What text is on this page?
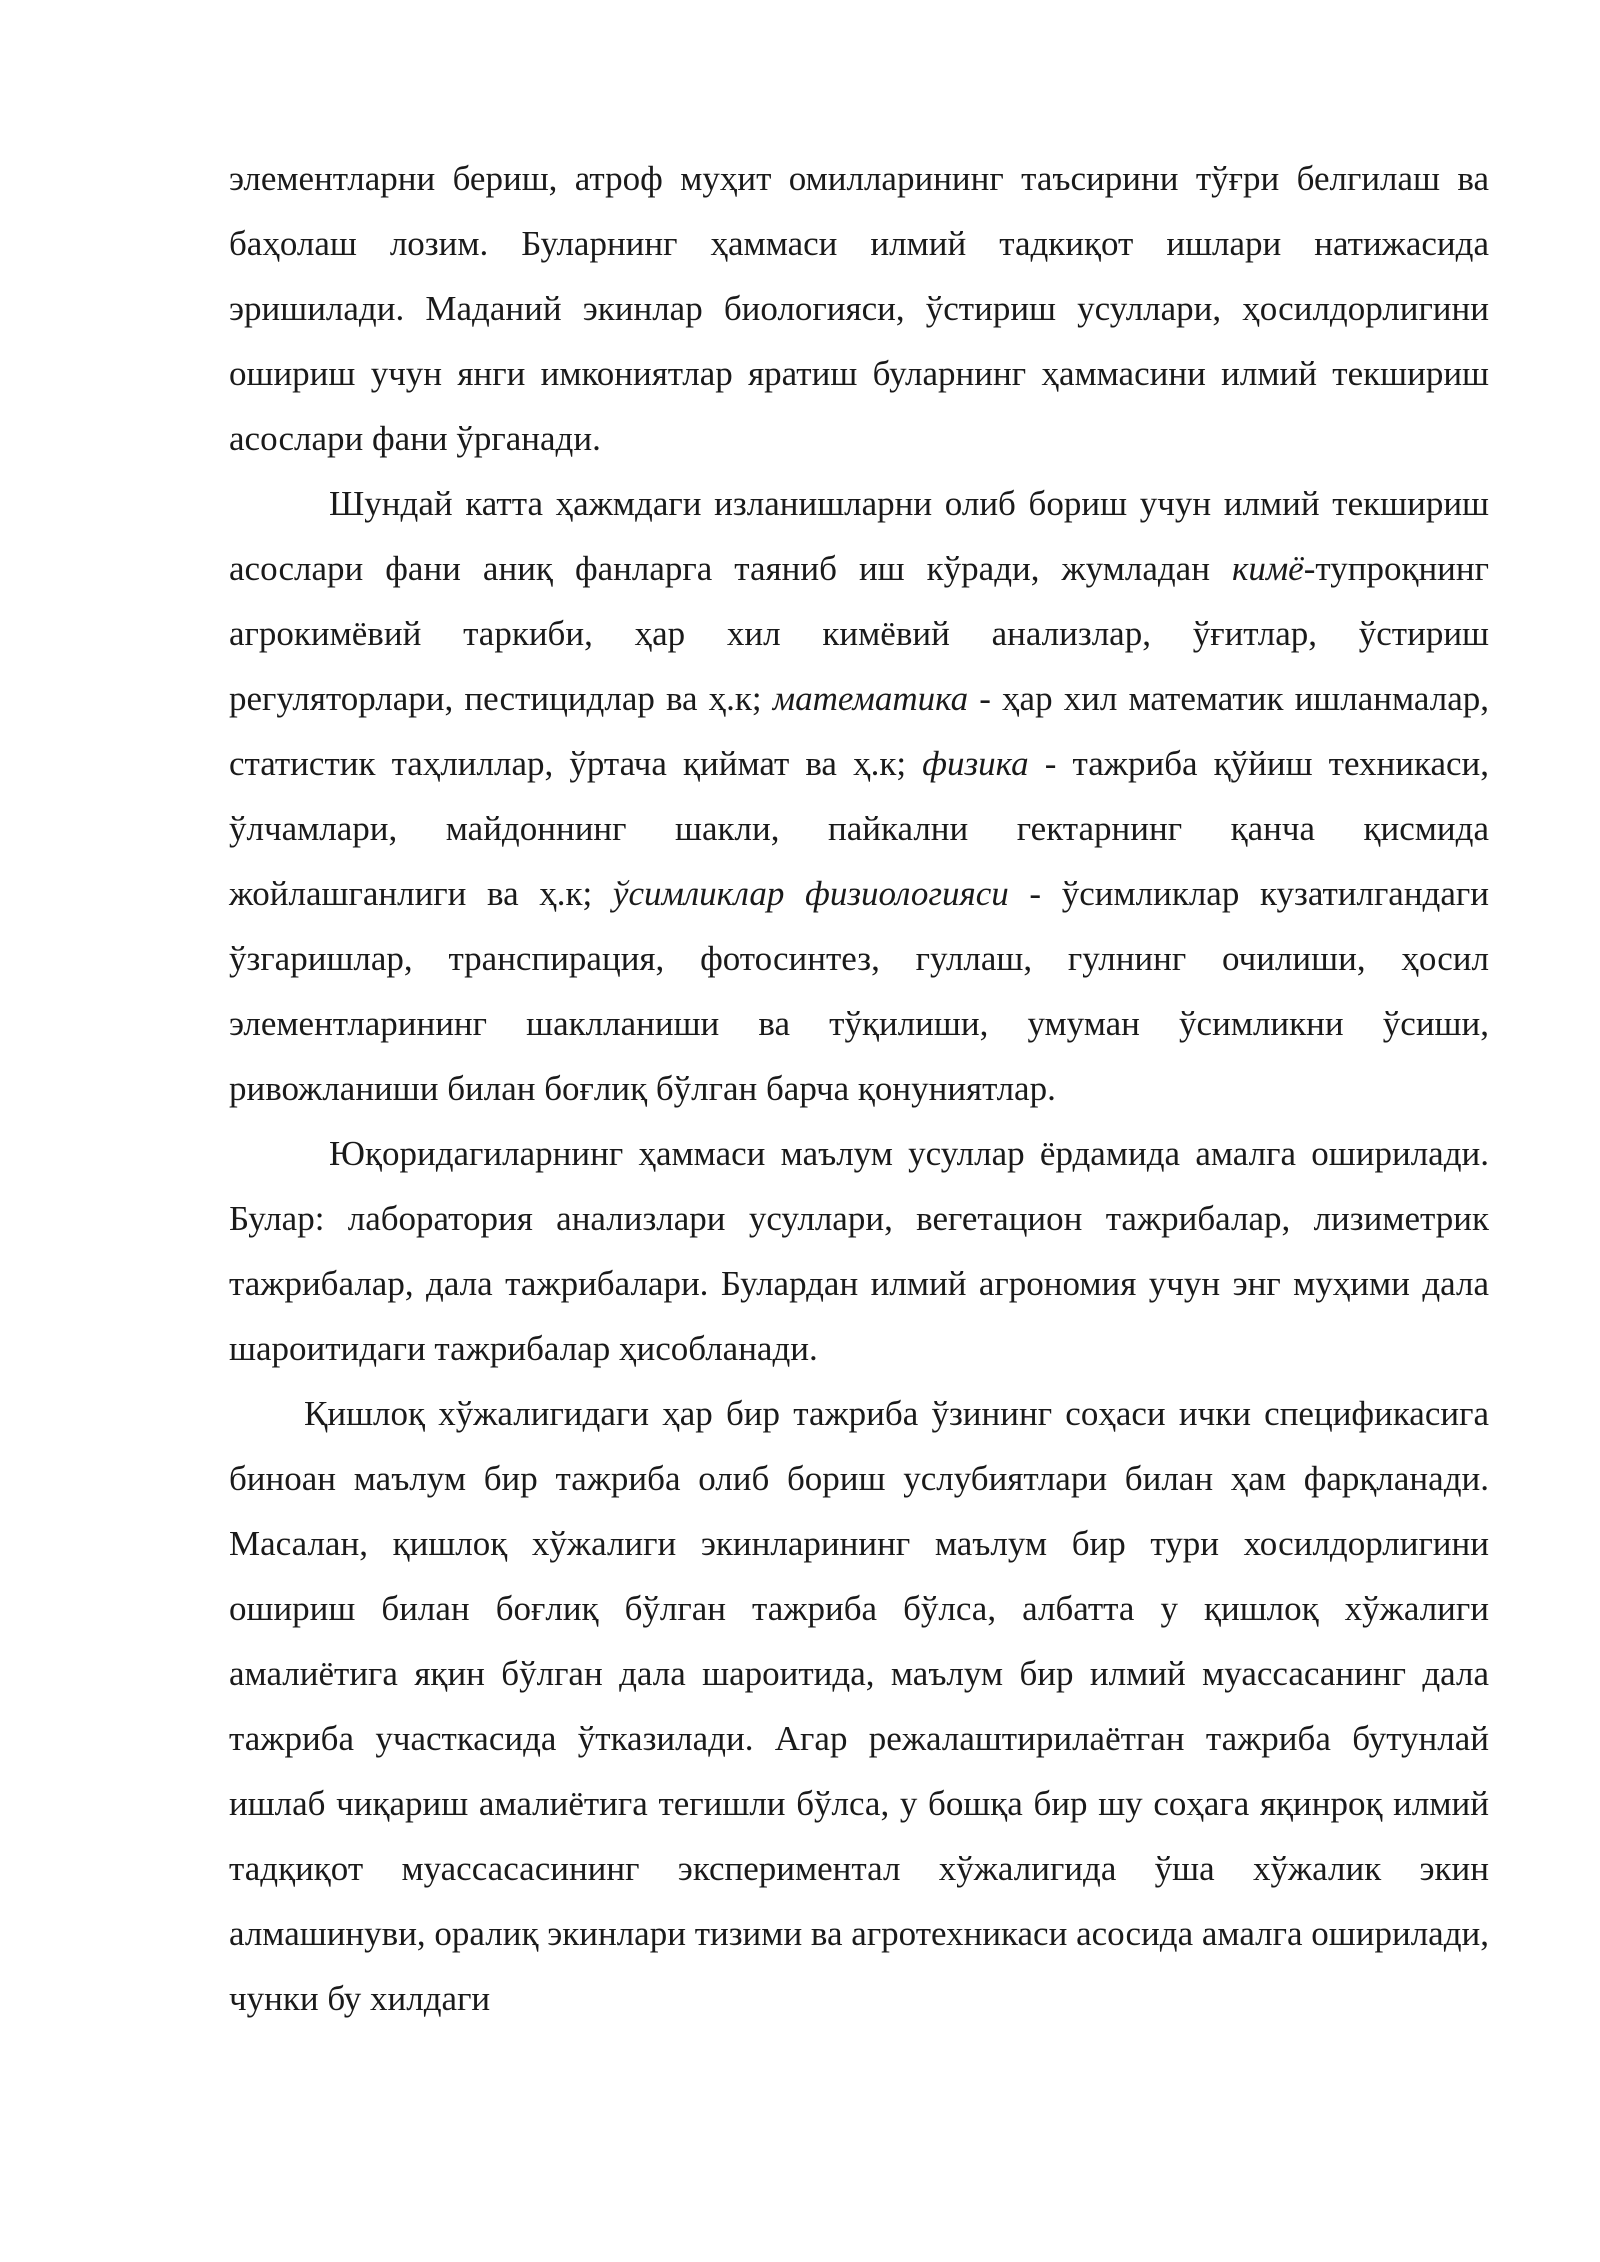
элементларни бериш, атроф муҳит омилларининг таъсирини тўғри белгилаш ва баҳолаш лозим. Буларнинг ҳаммаси илмий тадкиқот ишлари натижасида эришилади. Маданий экинлар биологияси, ўстириш усуллари, ҳосилдорлигини ошириш учун янги имкониятлар яратиш буларнинг ҳаммасини илмий текшириш асослари фани ўрганади.

Шундай катта ҳажмдаги изланишларни олиб бориш учун илмий текшириш асослари фани аниқ фанларга таяниб иш кўради, жумладан кимё-тупроқнинг агрокимёвий таркиби, ҳар хил кимёвий анализлар, ўғитлар, ўстириш регуляторлари, пестицидлар ва ҳ.к; математика - ҳар хил математик ишланмалар, статистик таҳлиллар, ўртача қиймат ва ҳ.к; физика - тажриба қўйиш техникаси, ўлчамлари, майдоннинг шакли, пайкални гектарнинг қанча қисмида жойлашганлиги ва ҳ.к; ўсимликлар физиологияси - ўсимликлар кузатилгандаги ўзгаришлар, транспирация, фотосинтез, гуллаш, гулнинг очилиши, ҳосил элементларининг шаклланиши ва тўқилиши, умуман ўсимликни ўсиши, ривожланиши билан боғлиқ бўлган барча қонуниятлар.

Юқоридагиларнинг ҳаммаси маълум усуллар ёрдамида амалга оширилади. Булар: лаборатория анализлари усуллари, вегетацион тажрибалар, лизиметрик тажрибалар, дала тажрибалари. Булардан илмий агрономия учун энг муҳими дала шароитидаги тажрибалар ҳисобланади.

Қишлоқ хўжалигидаги ҳар бир тажриба ўзининг соҳаси ички спецификасига биноан маълум бир тажриба олиб бориш услубиятлари билан ҳам фарқланади. Масалан, қишлоқ хўжалиги экинларининг маълум бир тури хосилдорлигини ошириш билан боғлиқ бўлган тажриба бўлса, албатта у қишлоқ хўжалиги амалиётига яқин бўлган дала шароитида, маълум бир илмий муассасанинг дала тажриба участкасида ўтказилади. Агар режалаштирилаётган тажриба бутунлай ишлаб чиқариш амалиётига тегишли бўлса, у бошқа бир шу соҳага яқинроқ илмий тадқиқот муассасасининг экспериментал хўжалигида ўша хўжалик экин алмашинуви, оралиқ экинлари тизими ва агротехникаси асосида амалга оширилади, чунки бу хилдаги
